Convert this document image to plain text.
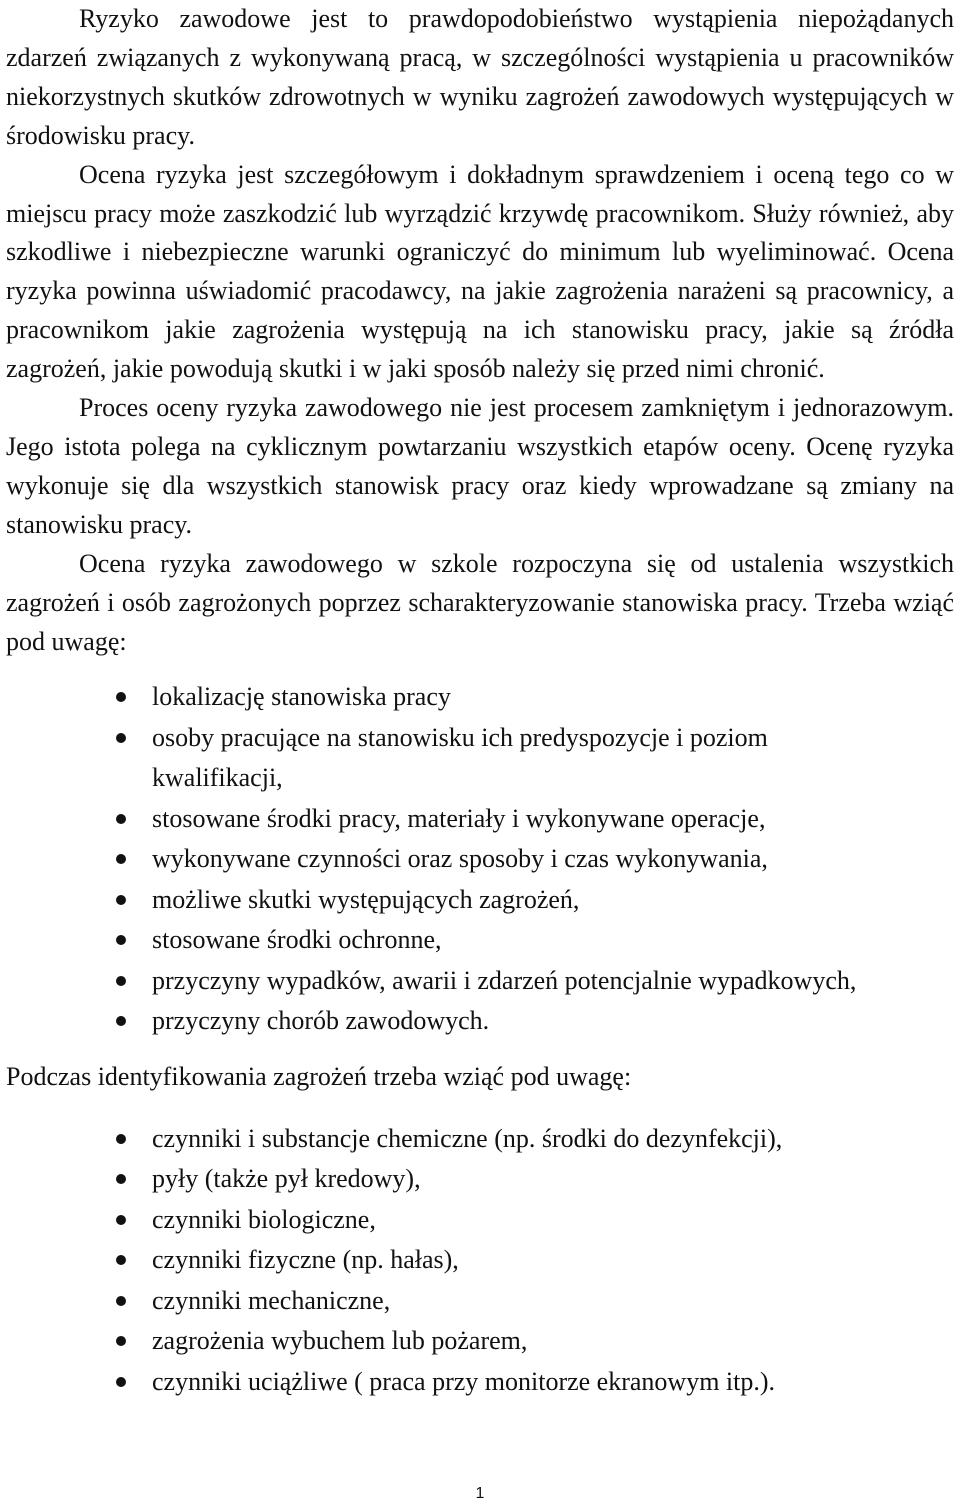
Ryzyko zawodowe jest to prawdopodobieństwo wystąpienia niepożądanych zdarzeń związanych z wykonywaną pracą, w szczególności wystąpienia u pracowników niekorzystnych skutków zdrowotnych w wyniku zagrożeń zawodowych występujących w środowisku pracy.

Ocena ryzyka jest szczegółowym i dokładnym sprawdzeniem i oceną tego co w miejscu pracy może zaszkodzić lub wyrządzić krzywdę pracownikom. Służy również, aby szkodliwe i niebezpieczne warunki ograniczyć do minimum lub wyeliminować. Ocena ryzyka powinna uświadomić pracodawcy, na jakie zagrożenia narażeni są pracownicy, a pracownikom jakie zagrożenia występują na ich stanowisku pracy, jakie są źródła zagrożeń, jakie powodują skutki i w jaki sposób należy się przed nimi chronić.

Proces oceny ryzyka zawodowego nie jest procesem zamkniętym i jednorazowym. Jego istota polega na cyklicznym powtarzaniu wszystkich etapów oceny. Ocenę ryzyka wykonuje się dla wszystkich stanowisk pracy oraz kiedy wprowadzane są zmiany na stanowisku pracy.

Ocena ryzyka zawodowego w szkole rozpoczyna się od ustalenia wszystkich zagrożeń i osób zagrożonych poprzez scharakteryzowanie stanowiska pracy. Trzeba wziąć pod uwagę:

lokalizację stanowiska pracy
osoby pracujące na stanowisku ich predyspozycje i poziom kwalifikacji,
stosowane środki pracy, materiały i wykonywane operacje,
wykonywane czynności oraz sposoby i czas wykonywania,
możliwe skutki występujących zagrożeń,
stosowane środki ochronne,
przyczyny wypadków, awarii i zdarzeń potencjalnie wypadkowych,
przyczyny chorób zawodowych.

Podczas identyfikowania zagrożeń trzeba wziąć pod uwagę:

czynniki i substancje chemiczne (np. środki do dezynfekcji),
pyły (także pył kredowy),
czynniki biologiczne,
czynniki fizyczne (np. hałas),
czynniki mechaniczne,
zagrożenia wybuchem lub pożarem,
czynniki uciążliwe ( praca przy monitorze ekranowym itp.).
1
